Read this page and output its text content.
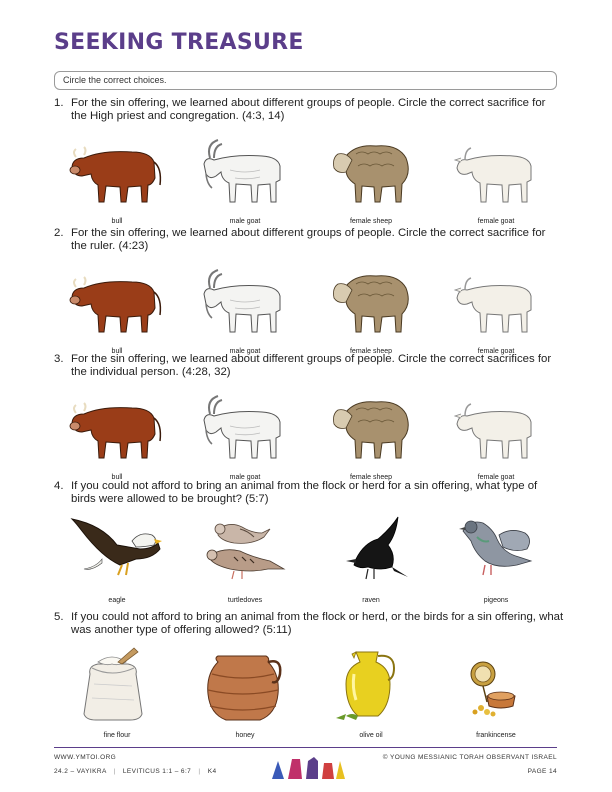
SEEKING TREASURE
Circle the correct choices.
1. For the sin offering, we learned about different groups of people. Circle the correct sacrifice for the High priest and congregation. (4:3, 14)
bull	male goat	female sheep	female goat
2. For the sin offering, we learned about different groups of people. Circle the correct sacrifice for the ruler. (4:23)
bull	male goat	female sheep	female goat
3. For the sin offering, we learned about different groups of people. Circle the correct sacrifices for the individual person. (4:28, 32)
bull	male goat	female sheep	female goat
4. If you could not afford to bring an animal from the flock or herd for a sin offering, what type of birds were allowed to be brought? (5:7)
eagle	turtledoves	raven	pigeons
5. If you could not afford to bring an animal from the flock or herd, or the birds for a sin offering, what was another type of offering allowed? (5:11)
fine flour	honey	olive oil	frankincense
WWW.YMTOI.ORG	© YOUNG MESSIANIC TORAH OBSERVANT ISRAEL
24.2 – VAYIKRA | LEVITICUS 1:1 – 6:7 | K4	PAGE 14
